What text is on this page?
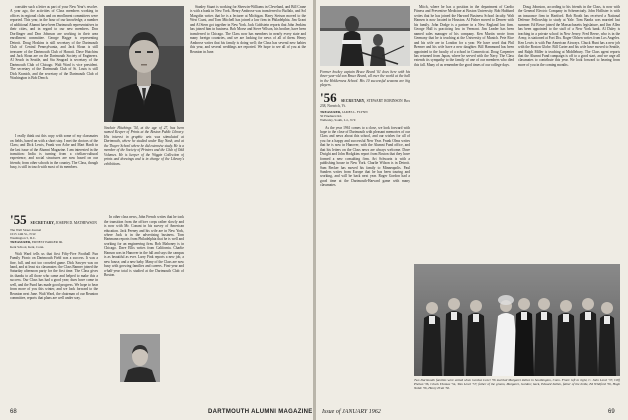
consider such a letter as part of your New Year's resolve. A year ago, the activities of Class members working in offices in regional clubs and on enrollment committees were reported. This year, in the hour of our knowledge, a number of additional Alumni have been Dartmouth representatives in their cities, and in regard to our new members. Don Dorflinger and Don Johnson are working in their area enrollment committee. George Hagge is representing Detroit. Doug Hoskins is still secretary of the Dartmouth Club of Central Pennsylvania, and Jack Sloan is still treasurer of the Dartmouth Club of Hawaii. Dave Hutchins and Jack Sloan are on the Dartmouth Society of Engineers. Al Seach in Seattle, and Stu Seagrad is secretary of the Dartmouth Club of Chicago. Walt Ward is vice president. The secretary of the Dartmouth Club of St. Louis is still Dick Kranich, and the secretary of the Dartmouth Club of Washington is Bob Dench.

I really think out this copy with some of my classmates on fields, based on with a short stay. I met the doctors of the Class; and Dick Lewis, Frank von Ache and Mart Hardt in the last issue of the Alumni Magazine. I am interested in the transition: India is turning from a civilian-cultural experience, and social structures are now based on our friends; from other schools in the country. The Class, though busy, is still in touch with most of its members.

'55 SECRETARY, JOSEPH D. MATHEWSON
The Wall Street Journal
1015 14th St., N.W.
Washington 5, D.C.
TREASURER, ERNEST PARKER IR.
Kent School, Kent, Conn.

Walt Ward tells us that first Fifty-Five Football Fun Family Picnic on Dartmouth Field was a success. It was a fine, full, and not too crowded game. Dick Sawyer was on hand, and at least six classmates: the Class Banner joined the Saturday afternoon party for the first time. The Class gives its thanks to all those who came and helped to make this a success. Our Class has had a good year; dues have come in well, and the Fund has made good progress. We hope to hear from more of you this winter, and we look forward to the Reunion next June. Walt Ward, the chairman of our Reunion committee, reports that plans are well under way.

Sinclair Hitchings '54, at the age of 27, has been named Keeper of Prints at the Boston Public Library. His interest in graphic arts was stimulated at Dartmouth, where he studied under Ray Nash, and at the Thayer School where he did extensive study. He is a member of the Society of Printers and the Club of Odd Volumes. He is keeper of the Wiggin Collection of prints and drawings and is in charge of the Library's exhibitions.

In other class news, John French writes that he took the transition from the officer corps rather slowly and is now with Mr. Conant in his survey of American education. Jack Feeney and his wife are in New York, where Jack is in the advertising business. Tom Hartmann reports from Philadelphia that he is well and working for an engineering firm. Bob Mahoney is in Chicago. Dave Ellis writes from California. Charlie Hanson was in Hanover in the fall and says the campus is as beautiful as ever. Larry Fink reports a new job, a new house, and a new baby. Many of the Class are now busy with growing families and careers. First-year and a-half-year total is studied at the Dartmouth Club of Boston.

Stanley Stuart is working for Sherwin-Williams in Cleveland, and Bill Crane is with a bank in New York. Henry Ambrose was transferred to Buffalo, and Sol Margolin writes that he is a lecturer at Michigan. Harry Stetson moved to the West Coast, and Tom Mitchell has joined a law firm in Philadelphia. Jim Grant and Al Stern got together in New York. Jack Goldstein reports that John Jenkins has joined him in business. Bob Morse and Steve Wilson, his brother, have been transferred to Chicago. The Class now has members in nearly every state and many foreign countries, and we are looking for news of all of them. Henry Ambrose writes that his family is doing well; the Class has several new babies this year, and several weddings are reported. We hope to see all of you at the Reunion in June.

Former hockey captain Bruce Beard '61 does here with his three-year-old son Bruce Beard, all over the world at the ball in the Holderness School. His 10 successful seasons are big players.

'56 SECRETARY, STEWART ROBINSON Box 238, Norwich, Vt.
TREASURER, JAMES L. FLYNN
50 Pinehurst Rd.
Wellesley, South, L.I., N.Y.

As the year 1961 comes to a close, we look forward with hope to the close of Dartmouth with pleasant memories of our Class and news about this school, and our wishes for all of you for a happy and successful New Year. Frank Olms writes that he is now in Hanover, with the Alumni Fund office, and that his letters on the Class news are always welcome. Dave Dwight and John Hodgkins report from Boston that they have formed a new consulting firm. Art Schwartz is with a publishing house in New York. Charlie Wilson is in Detroit. Sam Becker has moved his family to Minneapolis. Paul Sanders writes from Europe that he has been touring and working, and will be back next year. Roger Gordon had a good time at the Dartmouth-Harvard game with many classmates.

Mitch, where he has a position in the department of Cardio Fitness and Preventive Medicine at Boston University. Bob Hubbard writes that he has joined the Harvard Business School faculty. Walt Hansen is now located in Houston. Al Fisher moved to Denver with his family. John Dodge is a partner in a New England law firm. George Hall is practicing law in Vermont. Jim Leader has been named sales manager of his company. Ken Martin wrote from Germany that he is teaching at the University of Munich. Pete Rice and his wife are in London for a year. We have word that Phil Bremer and his wife have a new daughter. Bill Hammond has been appointed to the faculty of a school in Connecticut. Doug Carpenter has returned from Japan, where he served with the Navy. The Class extends its sympathy to the family of one of our members who died this fall. Many of us remember the good times of our college days.

Doug Johnston, according to his friends in the Class, is now with the General Electric Company in Schenectady. John Hollister is with an insurance firm in Hartford. Bob Booth has received a National Defense Fellowship to study at Yale. Tom Banks was married last summer. Ed Bowe joined the Massachusetts legislature, and Jim Allen has been appointed to the staff of a New York bank. Al Daley is teaching in a private school in New Jersey. Fred Reese, who is in the Army, is stationed at Fort Dix. Roger Ohlsen writes from Los Angeles. Ken Lewis is with Pan American Airways. Chuck Hunt has a new job with the Boston Globe. Bill Carter and his wife have moved to Seattle, and Ralph Miller is teaching at Middlebury. The Class agent reports that the Alumni Fund campaign is off to a good start, and we urge all classmates to contribute this year. We look forward to hearing from more of you in the coming months.

Two Dartmouth families were united when Gordon Lenci '56 married Margaret Zallen in Southington, Conn. Front: left to right, C. John Lenci '37, Cliff Phelan '36, Chuck Thomas '54, Tom Lenci '57; father of the groom, Margaret, Gordon; back, Edward Zallen, father of the bride, Ed Whitford '56, Hugh Noble '56, Henry Pratt '56.
68	DARTMOUTH ALUMNI MAGAZINE Issue of JANUARY 1962	69
